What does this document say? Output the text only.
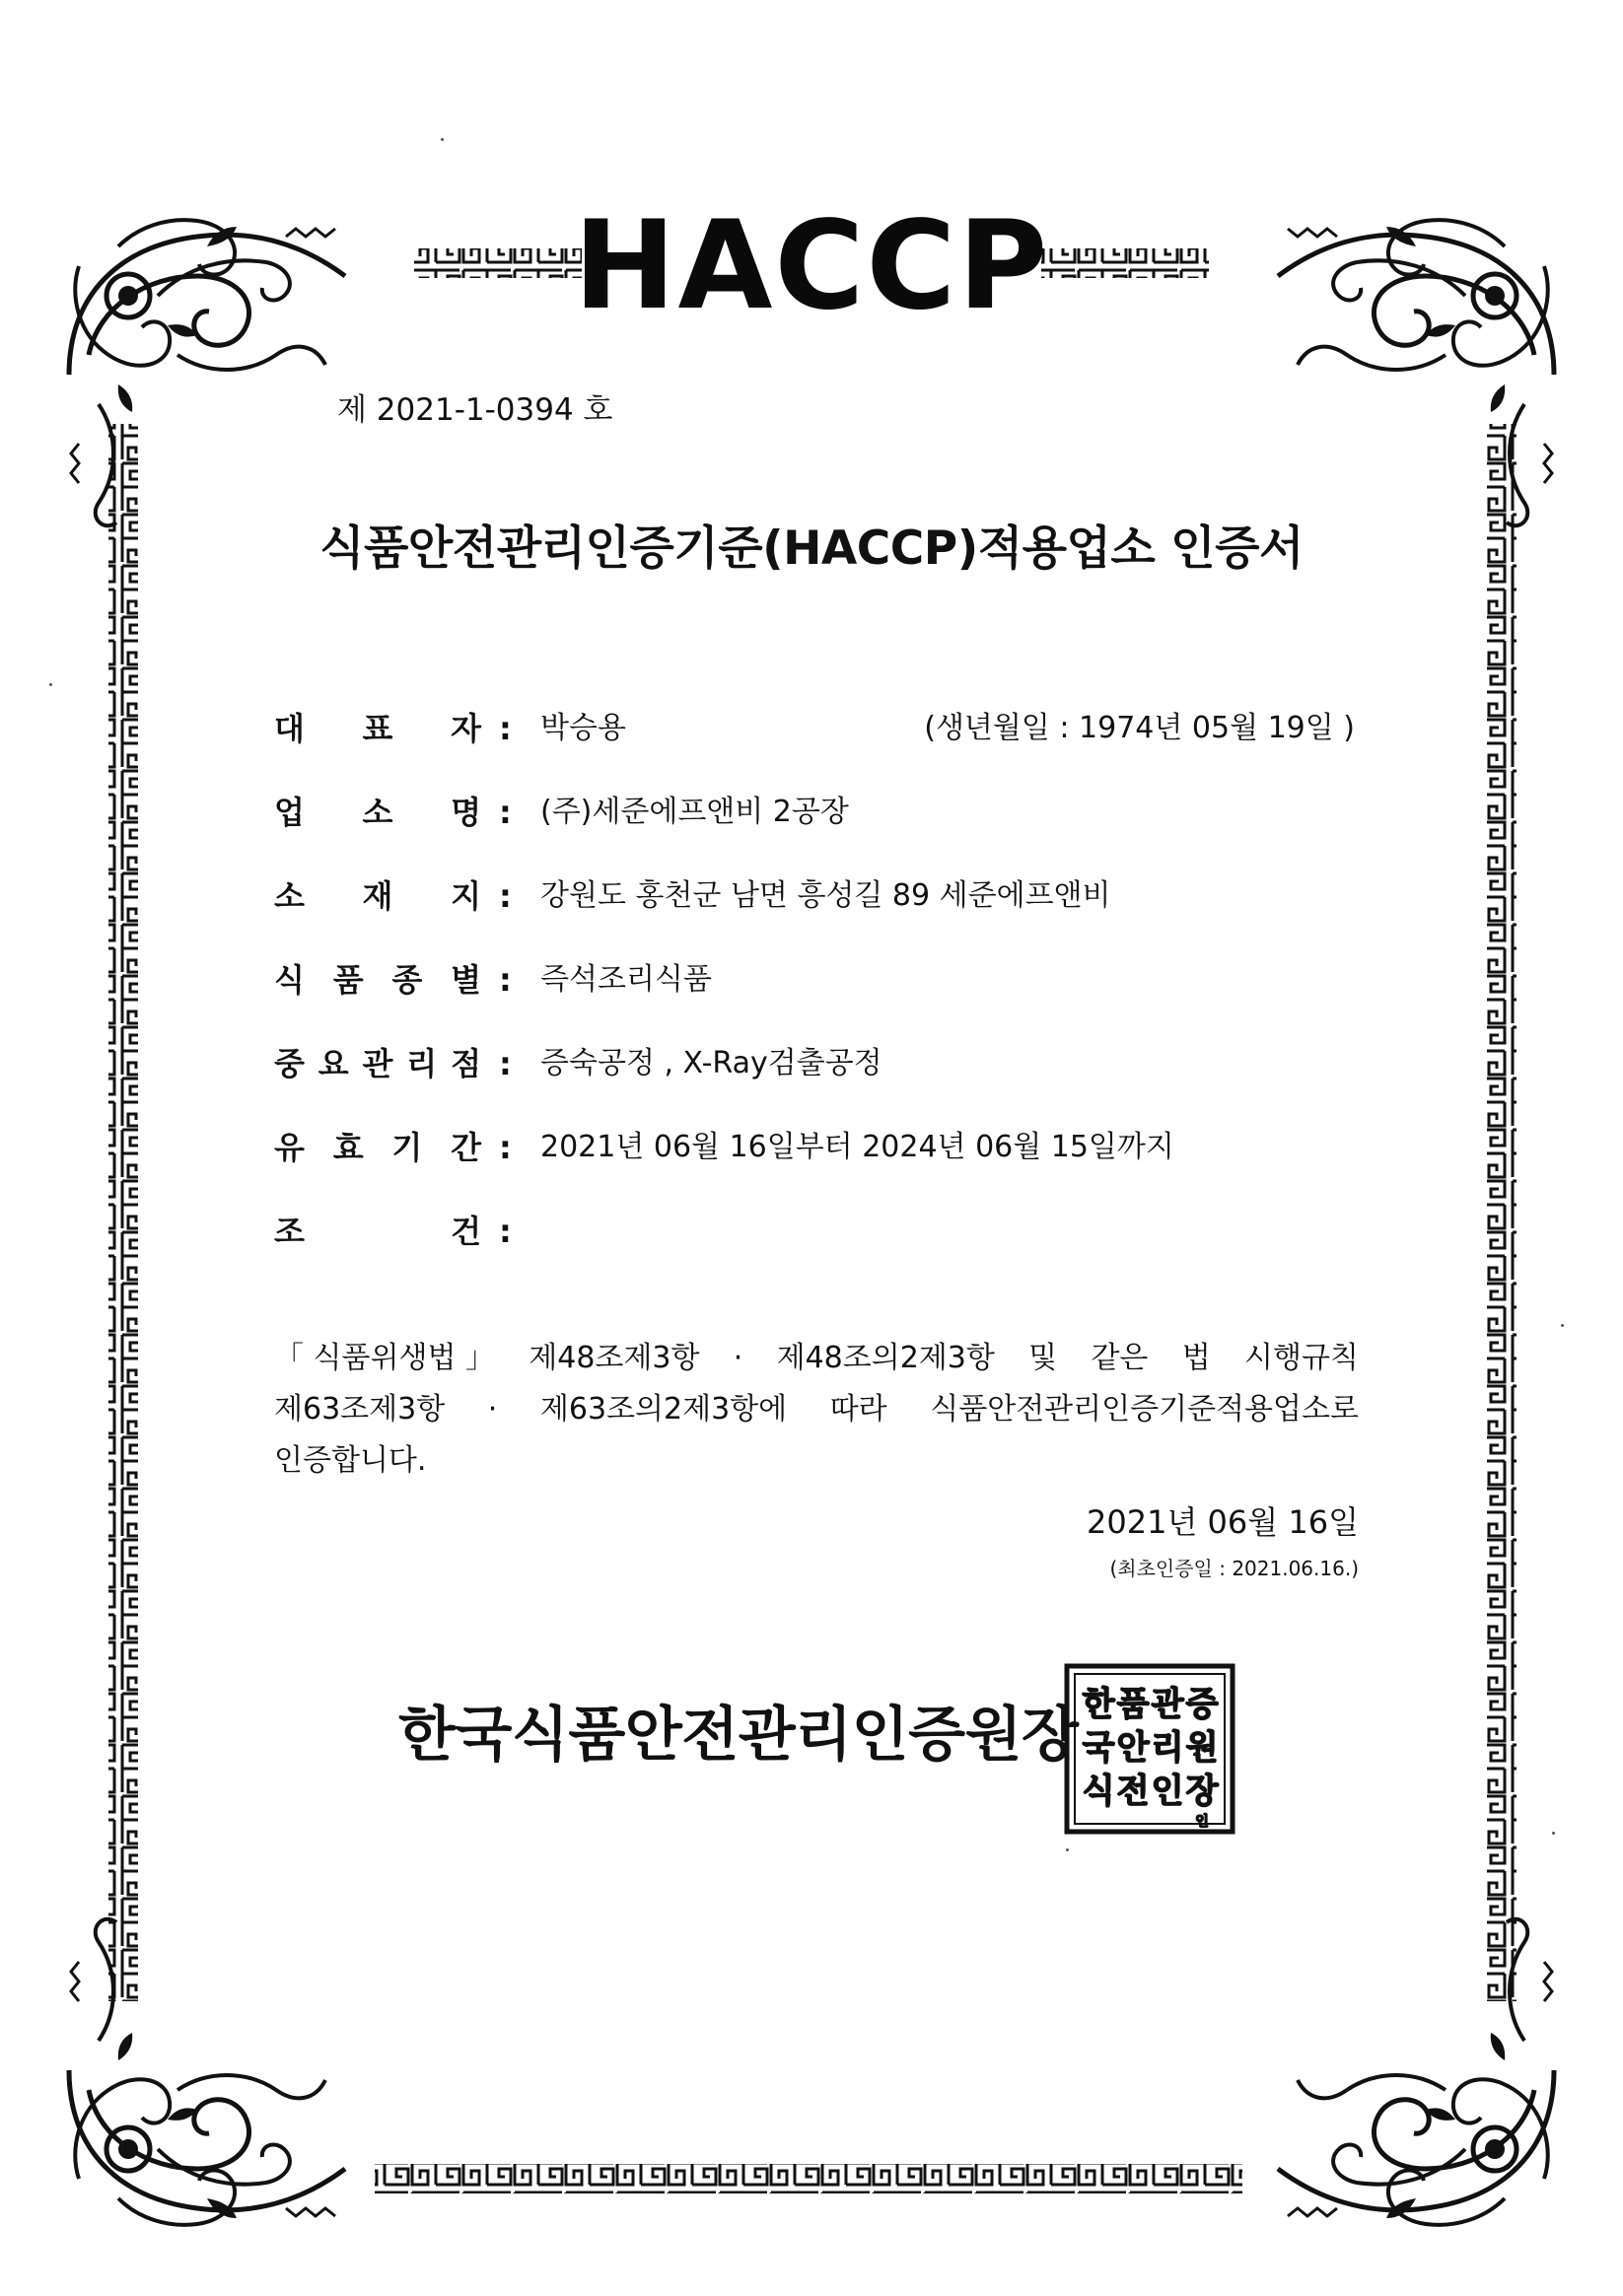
HACCP
제 2021-1-0394 호
식품안전관리인증기준(HACCP)적용업소 인증서
대 표 자 : 박승용	(생년월일 : 1974년 05월 19일 )
업 소 명 : (주)세준에프앤비 2공장
소 재 지 : 강원도 홍천군 남면 흥성길 89 세준에프앤비
식 품 종 별 : 즉석조리식품
중 요 관 리 점 : 증숙공정 , X-Ray검출공정
유 효 기 간 : 2021년 06월 16일부터 2024년 06월 15일까지
조	건 :
「 식품위생법 」 제48조제3항 · 제48조의2제3항 및 같은 법 시행규칙
제63조제3항 · 제63조의2제3항에 따라 식품안전관리인증기준적용업소로
인증합니다.
2021년 06월 16일
(최초인증일 : 2021.06.16.)
한국식품안전관리인증원장 한
국
식
품
안
전
관
리
인
증
원
장
인
